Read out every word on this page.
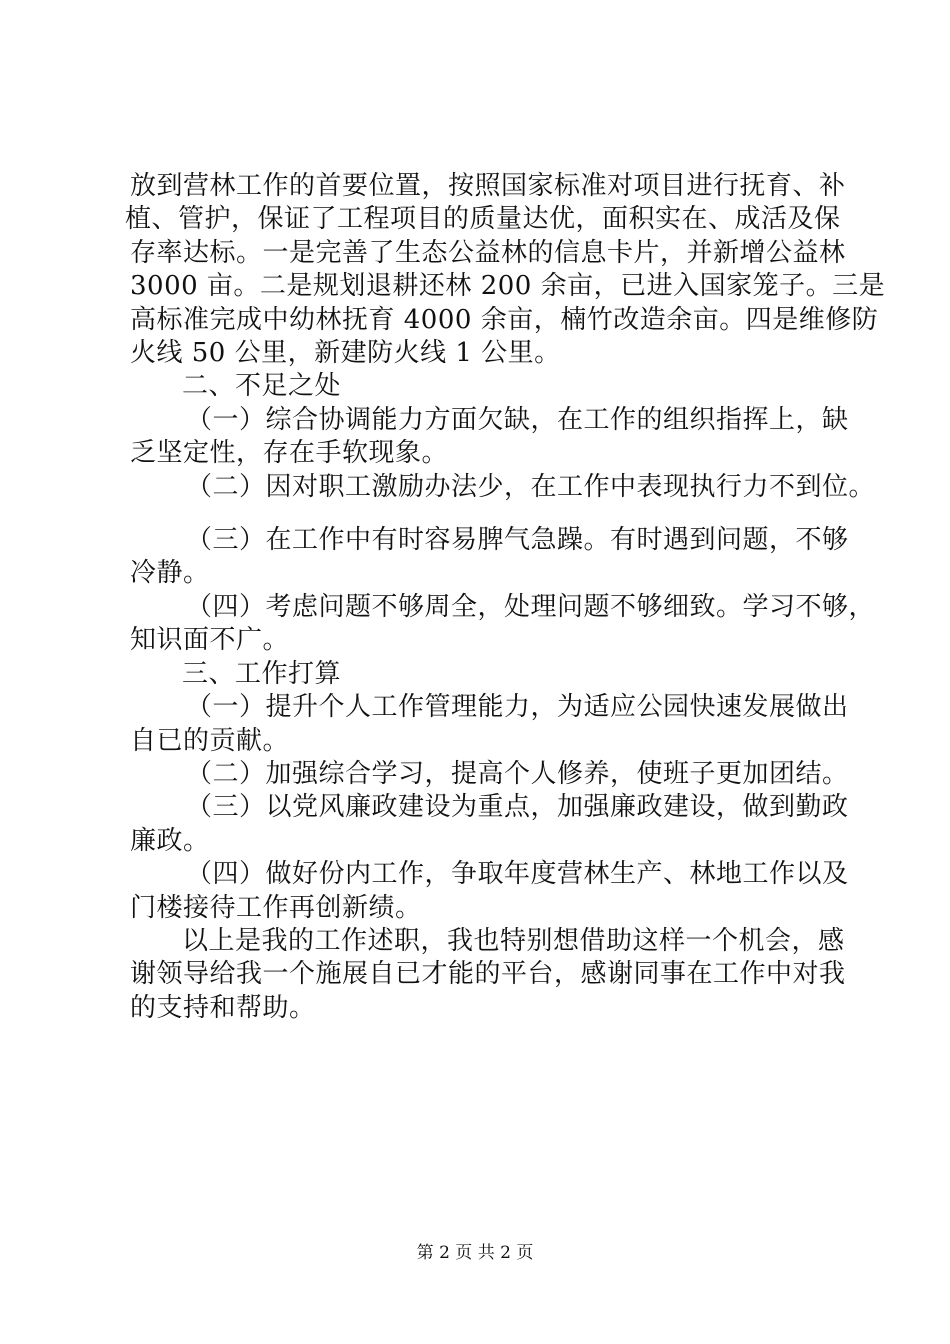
放到营林工作的首要位置，按照国家标准对项目进行抚育、补
植、管护，保证了工程项目的质量达优，面积实在、成活及保
存率达标。一是完善了生态公益林的信息卡片，并新增公益林
3000 亩。二是规划退耕还林 200 余亩，已进入国家笼子。三是
高标准完成中幼林抚育 4000 余亩，楠竹改造余亩。四是维修防
火线 50 公里，新建防火线 1 公里。

二、不足之处

（一）综合协调能力方面欠缺，在工作的组织指挥上，缺
乏坚定性，存在手软现象。

（二）因对职工激励办法少，在工作中表现执行力不到位。

（三）在工作中有时容易脾气急躁。有时遇到问题，不够
冷静。

（四）考虑问题不够周全，处理问题不够细致。学习不够，
知识面不广。

三、工作打算

（一）提升个人工作管理能力，为适应公园快速发展做出
自已的贡献。

（二）加强综合学习，提高个人修养，使班子更加团结。

（三）以党风廉政建设为重点，加强廉政建设，做到勤政
廉政。

（四）做好份内工作，争取年度营林生产、林地工作以及
门楼接待工作再创新绩。

以上是我的工作述职，我也特别想借助这样一个机会，感
谢领导给我一个施展自已才能的平台，感谢同事在工作中对我
的支持和帮助。

第 2 页 共 2 页
